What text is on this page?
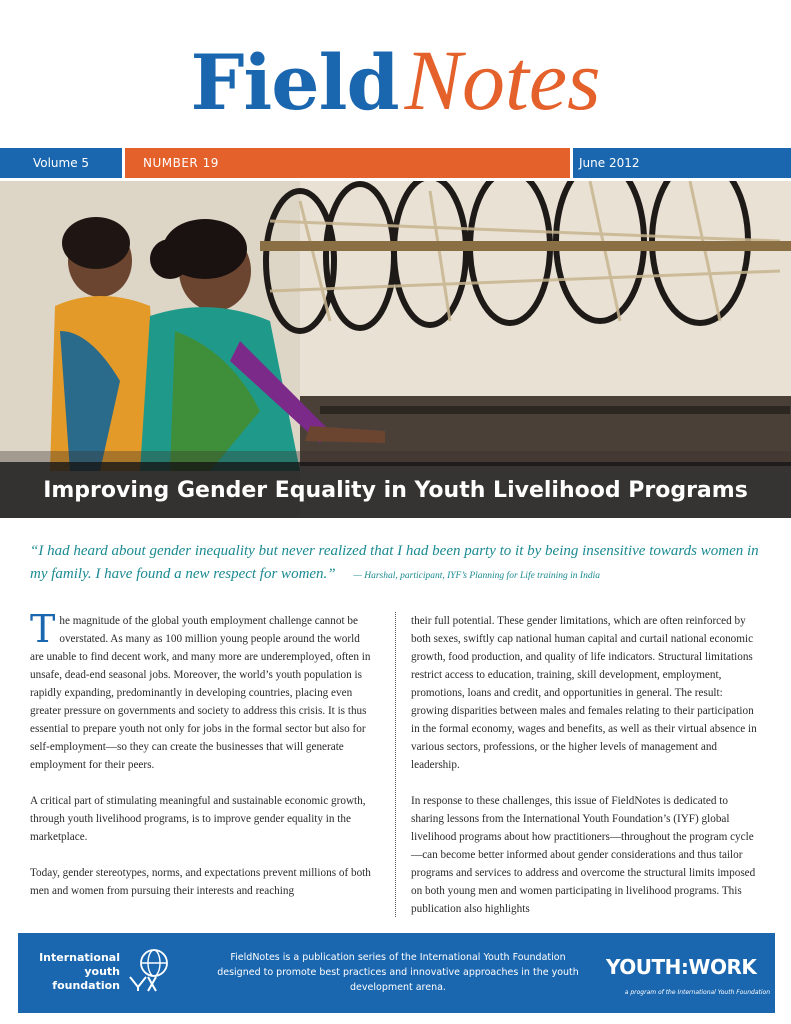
FieldNotes
Volume 5	NUMBER 19	June 2012
Improving Gender Equality in Youth Livelihood Programs
“I had heard about gender inequality but never realized that I had been party to it by being insensitive towards women in my family. I have found a new respect for women.” — Harshal, participant, IYF’s Planning for Life training in India

The magnitude of the global youth employment challenge cannot be overstated. As many as 100 million young people around the world are unable to find decent work, and many more are underemployed, often in unsafe, dead-end seasonal jobs. Moreover, the world’s youth population is rapidly expanding, predominantly in developing countries, placing even greater pressure on governments and society to address this crisis. It is thus essential to prepare youth not only for jobs in the formal sector but also for self-employment—so they can create the businesses that will generate employment for their peers.

A critical part of stimulating meaningful and sustainable economic growth, through youth livelihood programs, is to improve gender equality in the marketplace.

Today, gender stereotypes, norms, and expectations prevent millions of both men and women from pursuing their interests and reaching

their full potential. These gender limitations, which are often reinforced by both sexes, swiftly cap national human capital and curtail national economic growth, food production, and quality of life indicators. Structural limitations restrict access to education, training, skill development, employment, promotions, loans and credit, and opportunities in general. The result: growing disparities between males and females relating to their participation in the formal economy, wages and benefits, as well as their virtual absence in various sectors, professions, or the higher levels of management and leadership.

In response to these challenges, this issue of FieldNotes is dedicated to sharing lessons from the International Youth Foundation’s (IYF) global livelihood programs about how practitioners—throughout the program cycle—can become better informed about gender considerations and thus tailor programs and services to address and overcome the structural limits imposed on both young men and women participating in livelihood programs. This publication also highlights

International
youth
foundation
FieldNotes is a publication series of the International Youth Foundation designed to promote best practices and innovative approaches in the youth development arena.
YOUTH:WORK
a program of the International Youth Foundation
